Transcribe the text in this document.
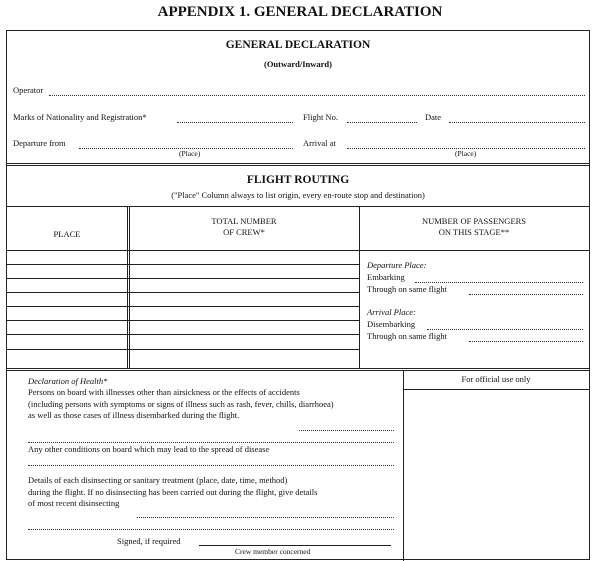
APPENDIX 1. GENERAL DECLARATION
GENERAL DECLARATION
(Outward/Inward)
Operator
Marks of Nationality and Registration*	Flight No.	Date
Departure from
(Place)
Arrival at
(Place)
FLIGHT ROUTING
("Place" Column always to list origin, every en-route stop and destination)
PLACE
TOTAL NUMBER
OF CREW*
NUMBER OF PASSENGERS
ON THIS STAGE**
Departure Place:
Embarking
Through on same flight
Arrival Place:
Disembarking
Through on same flight
For official use only
Declaration of Health*
Persons on board with illnesses other than airsickness or the effects of accidents
(including persons with symptoms or signs of illness such as rash, fever, chills, diarrhoea)
as well as those cases of illness disembarked during the flight.
Any other conditions on board which may lead to the spread of disease
Details of each disinsecting or sanitary treatment (place, date, time, method)
during the flight. If no disinsecting has been carried out during the flight, give details
of most recent disinsecting
Signed, if required
Crew member concerned
